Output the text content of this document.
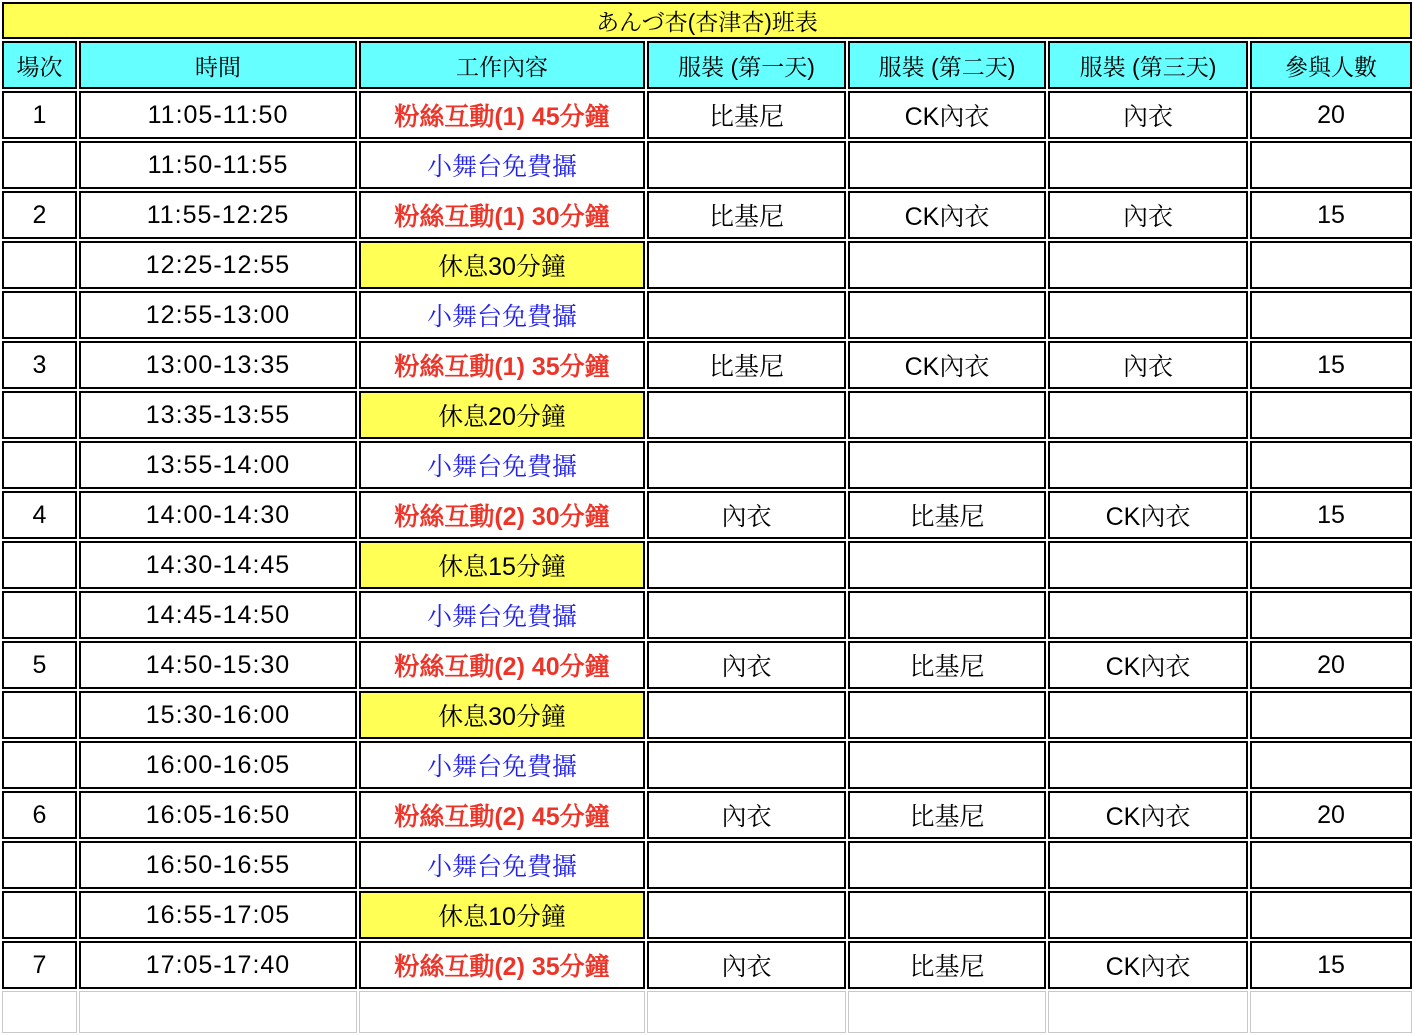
あんづ杏(杏津杏)班表						
場次	時間	工作內容	服裝 (第一天)	服裝 (第二天)	服裝 (第三天)	參與人數
1	11:05-11:50	粉絲互動(1) 45分鐘	比基尼	CK內衣	內衣	20
	11:50-11:55	小舞台免費攝				
2	11:55-12:25	粉絲互動(1) 30分鐘	比基尼	CK內衣	內衣	15
	12:25-12:55	休息30分鐘				
	12:55-13:00	小舞台免費攝				
3	13:00-13:35	粉絲互動(1) 35分鐘	比基尼	CK內衣	內衣	15
	13:35-13:55	休息20分鐘				
	13:55-14:00	小舞台免費攝				
4	14:00-14:30	粉絲互動(2) 30分鐘	內衣	比基尼	CK內衣	15
	14:30-14:45	休息15分鐘				
	14:45-14:50	小舞台免費攝				
5	14:50-15:30	粉絲互動(2) 40分鐘	內衣	比基尼	CK內衣	20
	15:30-16:00	休息30分鐘				
	16:00-16:05	小舞台免費攝				
6	16:05-16:50	粉絲互動(2) 45分鐘	內衣	比基尼	CK內衣	20
	16:50-16:55	小舞台免費攝				
	16:55-17:05	休息10分鐘				
7	17:05-17:40	粉絲互動(2) 35分鐘	內衣	比基尼	CK內衣	15
